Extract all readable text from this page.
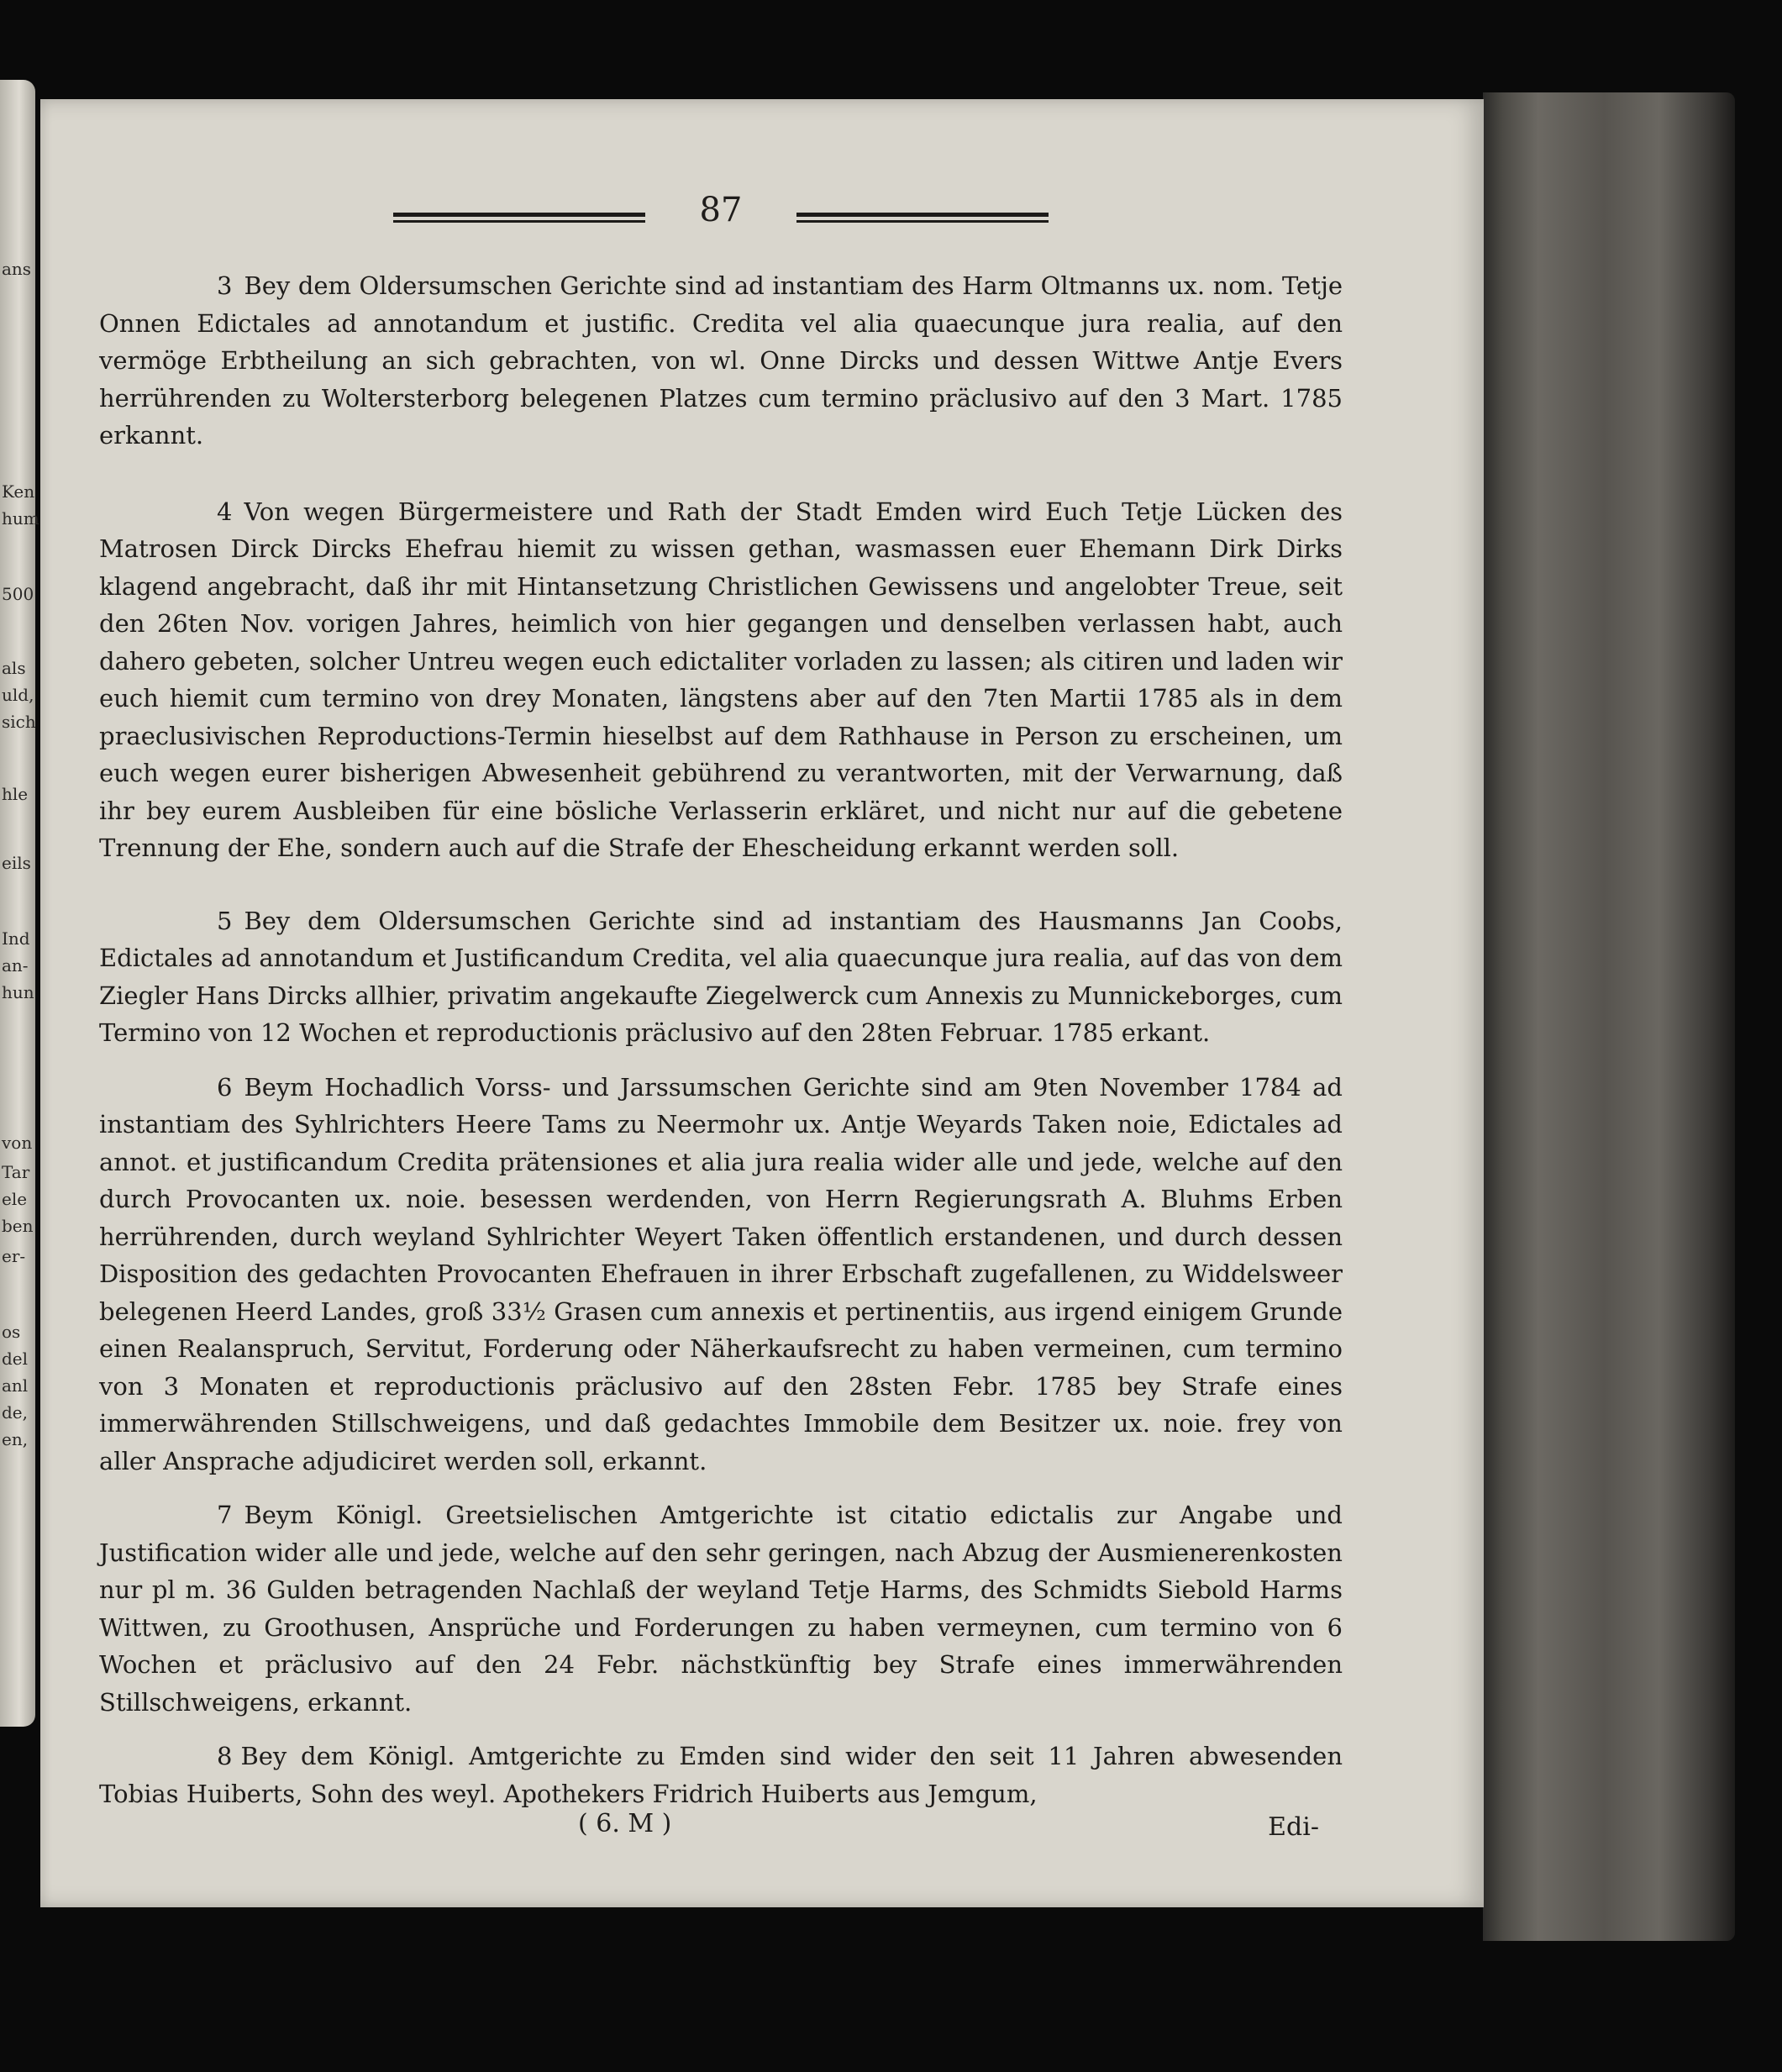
ans
Ken
hum
500
als
uld,
sich
hle
eils
Ind
an-
hun
von
Tar
ele
ben
er-
os
del
anl
de,
en,
87

3 Bey dem Oldersumschen Gerichte sind ad instantiam des Harm Oltmanns ux. nom. Tetje Onnen Edictales ad annotandum et justific. Credita vel alia quaecunque jura realia, auf den vermöge Erbtheilung an sich gebrachten, von wl. Onne Dircks und dessen Wittwe Antje Evers herrührenden zu Woltersterborg belegenen Platzes cum termino präclusivo auf den 3 Mart. 1785 erkannt.

4 Von wegen Bürgermeistere und Rath der Stadt Emden wird Euch Tetje Lücken des Matrosen Dirck Dircks Ehefrau hiemit zu wissen gethan, wasmassen euer Ehemann Dirk Dirks klagend angebracht, daß ihr mit Hintansetzung Christlichen Gewissens und angelobter Treue, seit den 26ten Nov. vorigen Jahres, heimlich von hier gegangen und denselben verlassen habt, auch dahero gebeten, solcher Untreu wegen euch edictaliter vorladen zu lassen; als citiren und laden wir euch hiemit cum termino von drey Monaten, längstens aber auf den 7ten Martii 1785 als in dem praeclusivischen Reproductions-Termin hieselbst auf dem Rathhause in Person zu erscheinen, um euch wegen eurer bisherigen Abwesenheit gebührend zu verantworten, mit der Verwarnung, daß ihr bey eurem Ausbleiben für eine bösliche Verlasserin erkläret, und nicht nur auf die gebetene Trennung der Ehe, sondern auch auf die Strafe der Ehescheidung erkannt werden soll.

5 Bey dem Oldersumschen Gerichte sind ad instantiam des Hausmanns Jan Coobs, Edictales ad annotandum et Justificandum Credita, vel alia quaecunque jura realia, auf das von dem Ziegler Hans Dircks allhier, privatim angekaufte Ziegelwerck cum Annexis zu Munnickeborges, cum Termino von 12 Wochen et reproductionis präclusivo auf den 28ten Februar. 1785 erkant.

6 Beym Hochadlich Vorss- und Jarssumschen Gerichte sind am 9ten November 1784 ad instantiam des Syhlrichters Heere Tams zu Neermohr ux. Antje Weyards Taken noie, Edictales ad annot. et justificandum Credita prätensiones et alia jura realia wider alle und jede, welche auf den durch Provocanten ux. noie. besessen werdenden, von Herrn Regierungsrath A. Bluhms Erben herrührenden, durch weyland Syhlrichter Weyert Taken öffentlich erstandenen, und durch dessen Disposition des gedachten Provocanten Ehefrauen in ihrer Erbschaft zugefallenen, zu Widdelsweer belegenen Heerd Landes, groß 33½ Grasen cum annexis et pertinentiis, aus irgend einigem Grunde einen Realanspruch, Servitut, Forderung oder Näherkaufsrecht zu haben vermeinen, cum termino von 3 Monaten et reproductionis präclusivo auf den 28sten Febr. 1785 bey Strafe eines immerwährenden Stillschweigens, und daß gedachtes Immobile dem Besitzer ux. noie. frey von aller Ansprache adjudiciret werden soll, erkannt.

7 Beym Königl. Greetsielischen Amtgerichte ist citatio edictalis zur Angabe und Justification wider alle und jede, welche auf den sehr geringen, nach Abzug der Ausmienerenkosten nur pl m. 36 Gulden betragenden Nachlaß der weyland Tetje Harms, des Schmidts Siebold Harms Wittwen, zu Groothusen, Ansprüche und Forderungen zu haben vermeynen, cum termino von 6 Wochen et präclusivo auf den 24 Febr. nächstkünftig bey Strafe eines immerwährenden Stillschweigens, erkannt.

8 Bey dem Königl. Amtgerichte zu Emden sind wider den seit 11 Jahren abwesenden Tobias Huiberts, Sohn des weyl. Apothekers Fridrich Huiberts aus Jemgum,

( 6. M )	Edi-
